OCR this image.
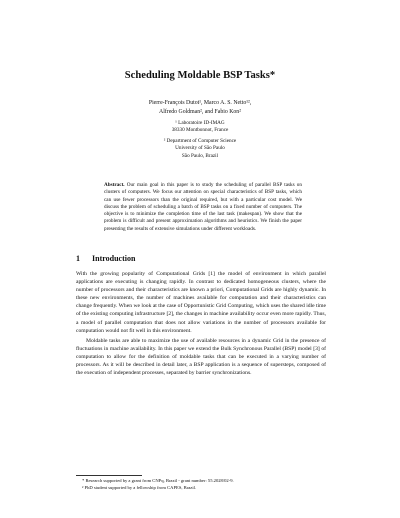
Scheduling Moldable BSP Tasks*
Pierre-François Dutot¹, Marco A. S. Netto¹²,
Alfredo Goldman², and Fabio Kon²
¹ Laboratoire ID-IMAG
38330 Montbonnot, France
² Department of Computer Science
University of São Paulo
São Paulo, Brazil

Abstract. Our main goal in this paper is to study the scheduling of parallel BSP tasks on clusters of computers. We focus our attention on special characteristics of BSP tasks, which can use fewer processors than the original required, but with a particular cost model. We discuss the problem of scheduling a batch of BSP tasks on a fixed number of computers. The objective is to minimize the completion time of the last task (makespan). We show that the problem is difficult and present approximation algorithms and heuristics. We finish the paper presenting the results of extensive simulations under different workloads.

1 Introduction

With the growing popularity of Computational Grids [1] the model of environment in which parallel applications are executing is changing rapidly. In contrast to dedicated homogeneous clusters, where the number of processors and their characteristics are known a priori, Computational Grids are highly dynamic. In these new environments, the number of machines available for computation and their characteristics can change frequently. When we look at the case of Opportunistic Grid Computing, which uses the shared idle time of the existing computing infrastructure [2], the changes in machine availability occur even more rapidly. Thus, a model of parallel computation that does not allow variations in the number of processors available for computation would not fit well in this environment.

Moldable tasks are able to maximize the use of available resources in a dynamic Grid in the presence of fluctuations in machine availability. In this paper we extend the Bulk Synchronous Parallel (BSP) model [3] of computation to allow for the definition of moldable tasks that can be executed in a varying number of processors. As it will be described in detail later, a BSP application is a sequence of supersteps, composed of the execution of independent processes, separated by barrier synchronizations.

* Research supported by a grant from CNPq, Brazil - grant number: 55.2028/02-9.
² PhD student supported by a fellowship from CAPES, Brazil.
